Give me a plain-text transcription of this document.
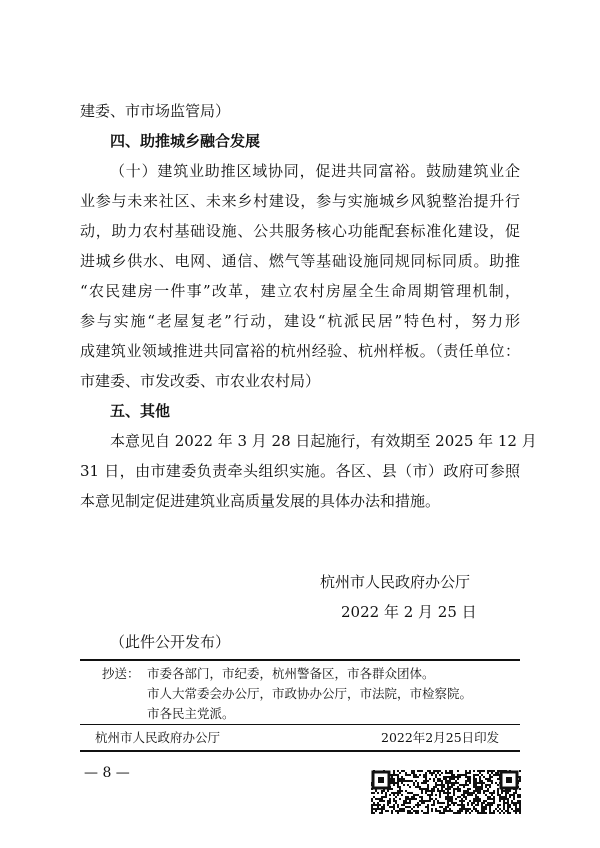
建委、市市场监管局）
四、助推城乡融合发展
（十）建筑业助推区域协同，促进共同富裕。鼓励建筑业企
业参与未来社区、未来乡村建设，参与实施城乡风貌整治提升行
动，助力农村基础设施、公共服务核心功能配套标准化建设，促
进城乡供水、电网、通信、燃气等基础设施同规同标同质。助推
“农民建房一件事”改革，建立农村房屋全生命周期管理机制，
参与实施“老屋复老”行动，建设“杭派民居”特色村，努力形
成建筑业领域推进共同富裕的杭州经验、杭州样板。（责任单位：
市建委、市发改委、市农业农村局）
五、其他
本意见自 2022 年 3 月 28 日起施行，有效期至 2025 年 12 月
31 日，由市建委负责牵头组织实施。各区、县（市）政府可参照
本意见制定促进建筑业高质量发展的具体办法和措施。
杭州市人民政府办公厅
2022 年 2 月 25 日
（此件公开发布）
抄送： 市委各部门，市纪委，杭州警备区，市各群众团体。
市人大常委会办公厅，市政协办公厅，市法院，市检察院。
市各民主党派。
杭州市人民政府办公厅	2022年2月25日印发
— 8 —
